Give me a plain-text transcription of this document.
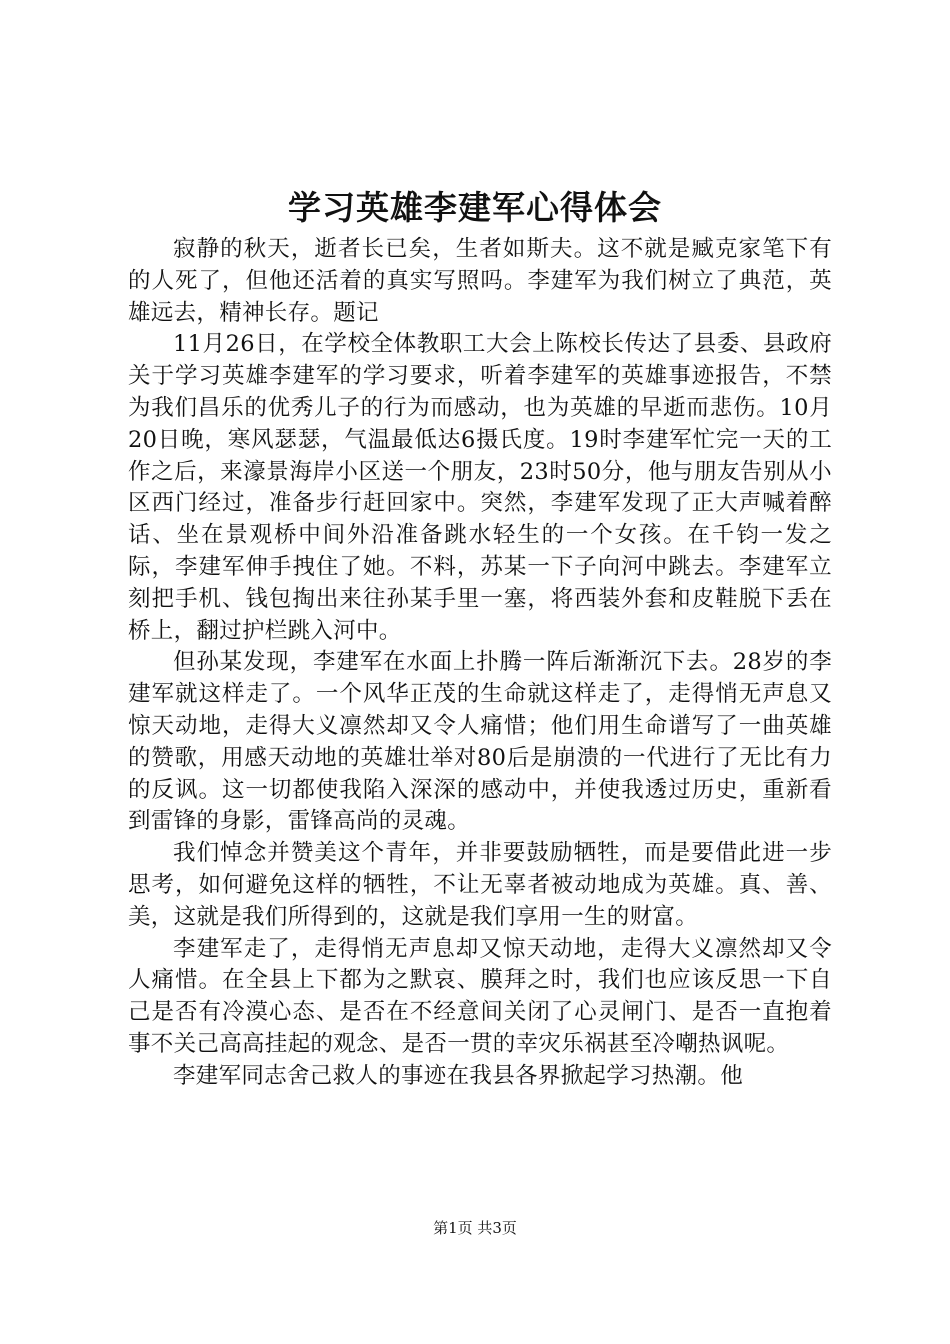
学习英雄李建军心得体会

寂静的秋天，逝者长已矣，生者如斯夫。这不就是臧克家笔下有的人死了，但他还活着的真实写照吗。李建军为我们树立了典范，英雄远去，精神长存。题记

11月26日，在学校全体教职工大会上陈校长传达了县委、县政府关于学习英雄李建军的学习要求，听着李建军的英雄事迹报告，不禁为我们昌乐的优秀儿子的行为而感动，也为英雄的早逝而悲伤。10月20日晚，寒风瑟瑟，气温最低达6摄氏度。19时李建军忙完一天的工作之后，来濠景海岸小区送一个朋友，23时50分，他与朋友告别从小区西门经过，准备步行赶回家中。突然，李建军发现了正大声喊着醉话、坐在景观桥中间外沿准备跳水轻生的一个女孩。在千钧一发之际，李建军伸手拽住了她。不料，苏某一下子向河中跳去。李建军立刻把手机、钱包掏出来往孙某手里一塞，将西装外套和皮鞋脱下丢在桥上，翻过护栏跳入河中。

但孙某发现，李建军在水面上扑腾一阵后渐渐沉下去。28岁的李建军就这样走了。一个风华正茂的生命就这样走了，走得悄无声息又惊天动地，走得大义凛然却又令人痛惜；他们用生命谱写了一曲英雄的赞歌，用感天动地的英雄壮举对80后是崩溃的一代进行了无比有力的反讽。这一切都使我陷入深深的感动中，并使我透过历史，重新看到雷锋的身影，雷锋高尚的灵魂。

我们悼念并赞美这个青年，并非要鼓励牺牲，而是要借此进一步思考，如何避免这样的牺牲，不让无辜者被动地成为英雄。真、善、美，这就是我们所得到的，这就是我们享用一生的财富。

李建军走了，走得悄无声息却又惊天动地，走得大义凛然却又令人痛惜。在全县上下都为之默哀、膜拜之时，我们也应该反思一下自己是否有冷漠心态、是否在不经意间关闭了心灵闸门、是否一直抱着事不关己高高挂起的观念、是否一贯的幸灾乐祸甚至冷嘲热讽呢。

李建军同志舍己救人的事迹在我县各界掀起学习热潮。他

第1页 共3页
